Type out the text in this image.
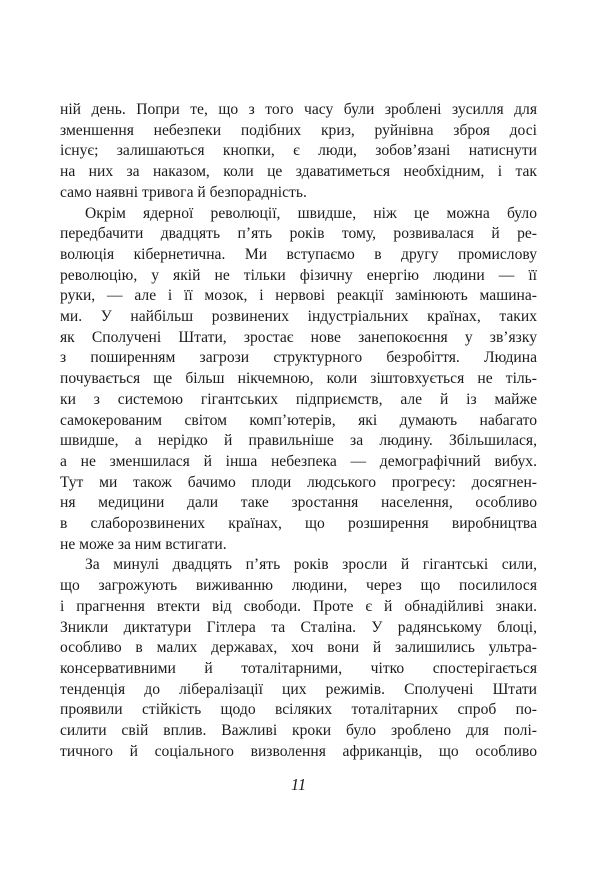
ній день. Попри те, що з того часу були зроблені зусилля для
зменшення небезпеки подібних криз, руйнівна зброя досі
існує; залишаються кнопки, є люди, зобов’язані натиснути
на них за наказом, коли це здаватиметься необхідним, і так
само наявні тривога й безпорадність.

Окрім ядерної революції, швидше, ніж це можна було
передбачити двадцять п’ять років тому, розвивалася й ре-
волюція кібернетична. Ми вступаємо в другу промислову
революцію, у якій не тільки фізичну енергію людини — її
руки, — але і її мозок, і нервові реакції замінюють машина-
ми. У найбільш розвинених індустріальних країнах, таких
як Сполучені Штати, зростає нове занепокоєння у зв’язку
з поширенням загрози структурного безробіття. Людина
почувається ще більш нікчемною, коли зіштовхується не тіль-
ки з системою гігантських підприємств, але й із майже
самокерованим світом комп’ютерів, які думають набагато
швидше, а нерідко й правильніше за людину. Збільшилася,
а не зменшилася й інша небезпека — демографічний вибух.
Тут ми також бачимо плоди людського прогресу: досягнен-
ня медицини дали таке зростання населення, особливо
в слаборозвинених країнах, що розширення виробництва
не може за ним встигати.

За минулі двадцять п’ять років зросли й гігантські сили,
що загрожують виживанню людини, через що посилилося
і прагнення втекти від свободи. Проте є й обнадійливі знаки.
Зникли диктатури Гітлера та Сталіна. У радянському блоці,
особливо в малих державах, хоч вони й залишились ультра-
консервативними й тоталітарними, чітко спостерігається
тенденція до лібералізації цих режимів. Сполучені Штати
проявили стійкість щодо всіляких тоталітарних спроб по-
силити свій вплив. Важливі кроки було зроблено для полі-
тичного й соціального визволення африканців, що особливо

11
